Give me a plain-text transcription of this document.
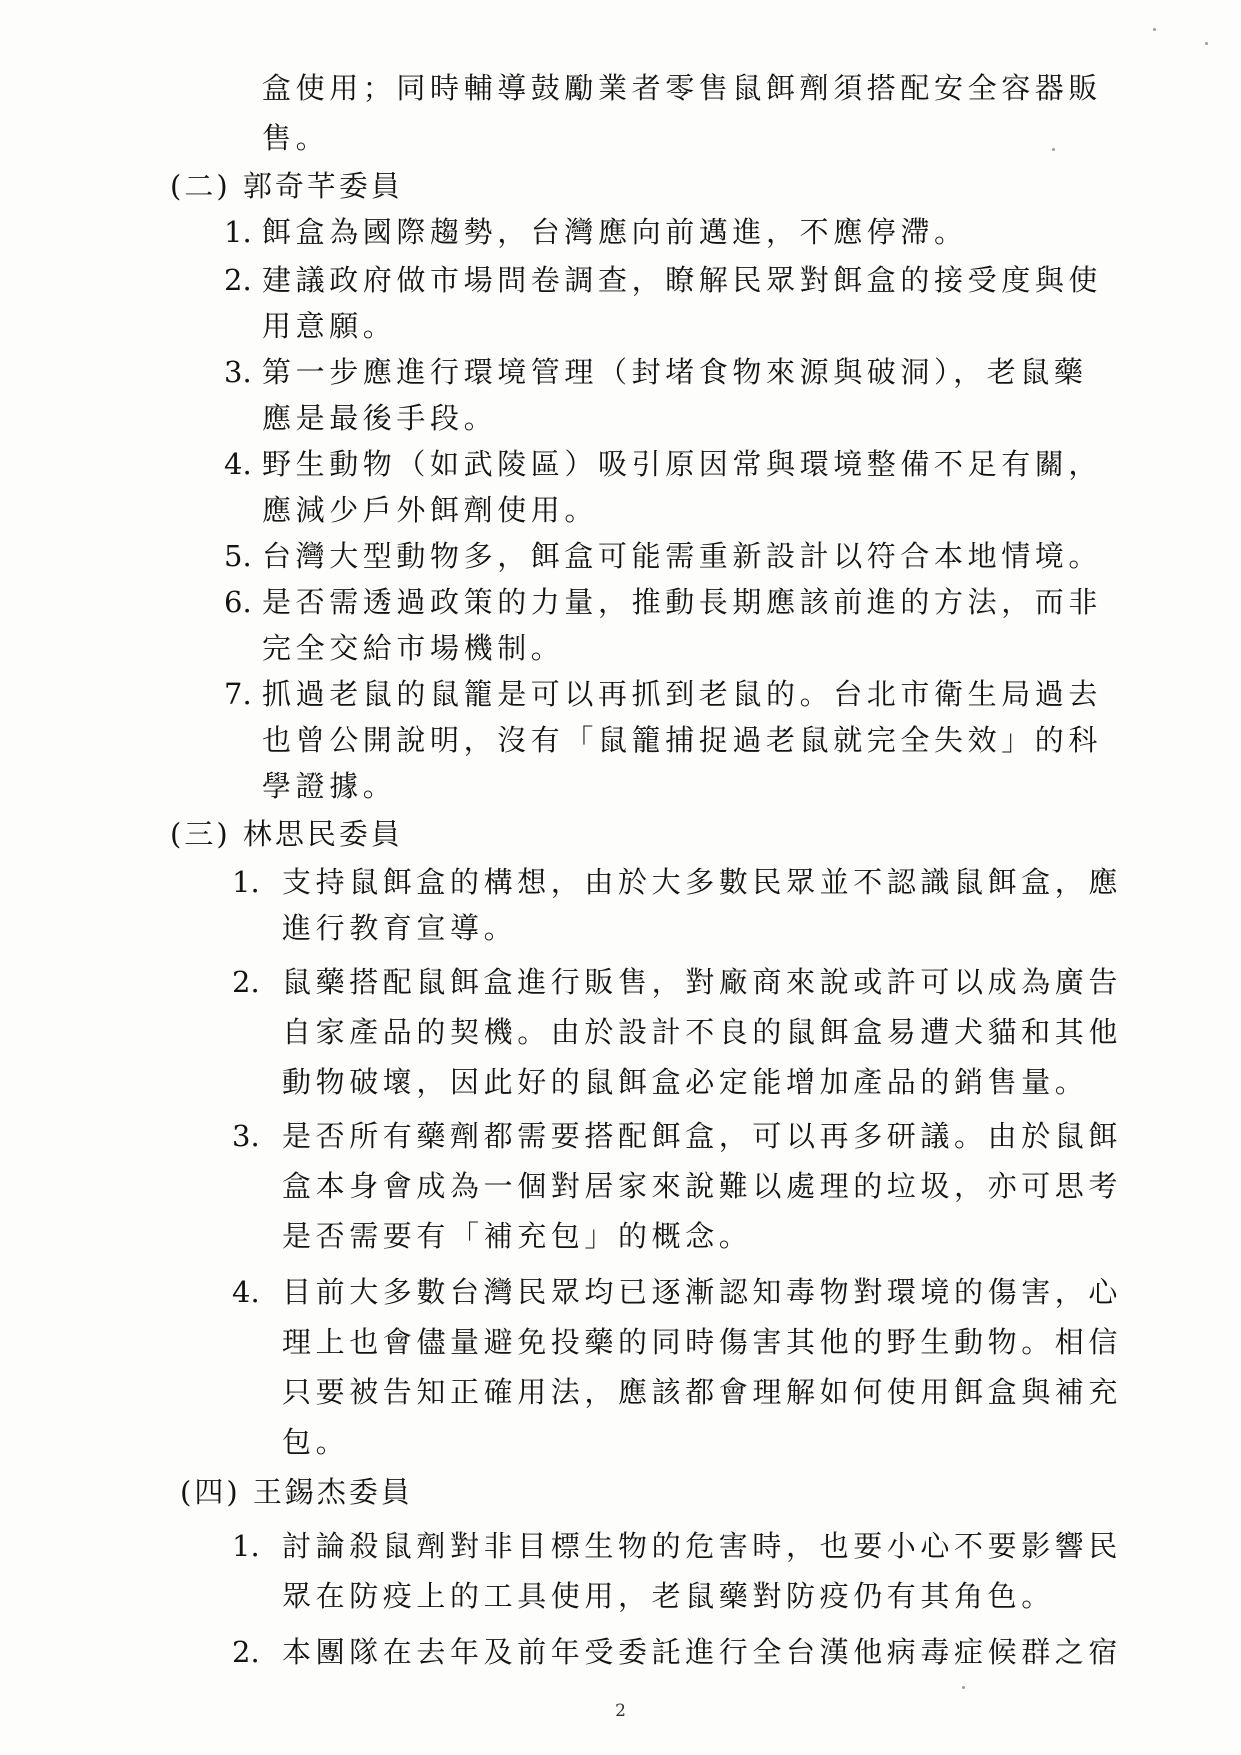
盒使用；同時輔導鼓勵業者零售鼠餌劑須搭配安全容器販
售。
(二) 郭奇芊委員
1. 餌盒為國際趨勢，台灣應向前邁進，不應停滯。
2. 建議政府做市場問卷調查，瞭解民眾對餌盒的接受度與使
用意願。
3. 第一步應進行環境管理（封堵食物來源與破洞），老鼠藥
應是最後手段。
4. 野生動物（如武陵區）吸引原因常與環境整備不足有關，
應減少戶外餌劑使用。
5. 台灣大型動物多，餌盒可能需重新設計以符合本地情境。
6. 是否需透過政策的力量，推動長期應該前進的方法，而非
完全交給市場機制。
7. 抓過老鼠的鼠籠是可以再抓到老鼠的。台北市衛生局過去
也曾公開說明，沒有「鼠籠捕捉過老鼠就完全失效」的科
學證據。
(三) 林思民委員
1. 支持鼠餌盒的構想，由於大多數民眾並不認識鼠餌盒，應
進行教育宣導。
2. 鼠藥搭配鼠餌盒進行販售，對廠商來說或許可以成為廣告
自家產品的契機。由於設計不良的鼠餌盒易遭犬貓和其他
動物破壞，因此好的鼠餌盒必定能增加產品的銷售量。
3. 是否所有藥劑都需要搭配餌盒，可以再多研議。由於鼠餌
盒本身會成為一個對居家來說難以處理的垃圾，亦可思考
是否需要有「補充包」的概念。
4. 目前大多數台灣民眾均已逐漸認知毒物對環境的傷害，心
理上也會儘量避免投藥的同時傷害其他的野生動物。相信
只要被告知正確用法，應該都會理解如何使用餌盒與補充
包。
(四) 王錫杰委員
1. 討論殺鼠劑對非目標生物的危害時，也要小心不要影響民
眾在防疫上的工具使用，老鼠藥對防疫仍有其角色。
2. 本團隊在去年及前年受委託進行全台漢他病毒症候群之宿
2
